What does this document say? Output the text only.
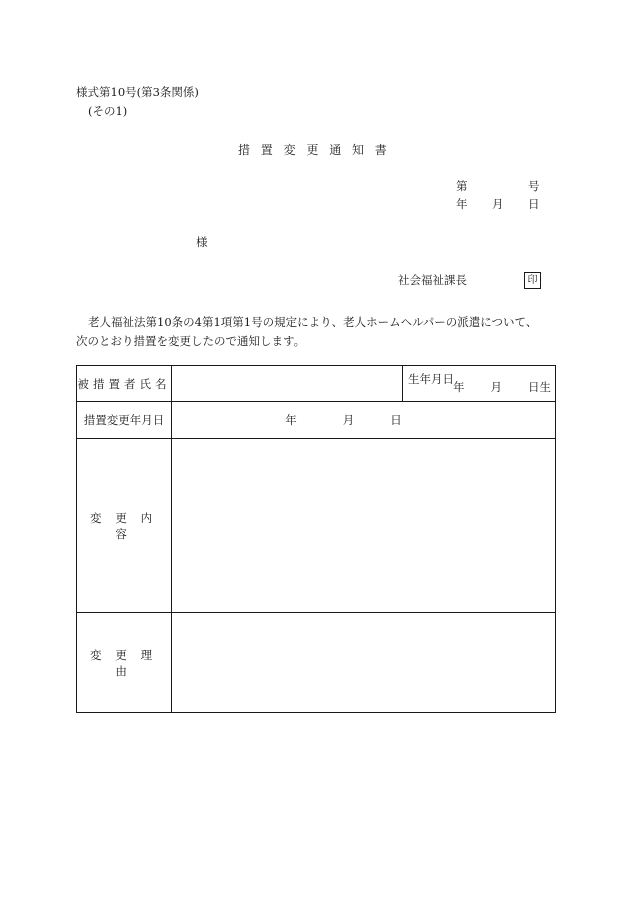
様式第10号(第3条関係)
(その1)
措置変更通知書
第	号
年 月 日
様
社会福祉課長	印

老人福祉法第10条の4第1項第1号の規定により、老人ホームヘルパーの派遣について、

次のとおり措置を変更したので通知します。

被措置者氏名		生年月日
年 月 日生

措置変更年月日	年 月 日	
変更内容		
変更理由		
